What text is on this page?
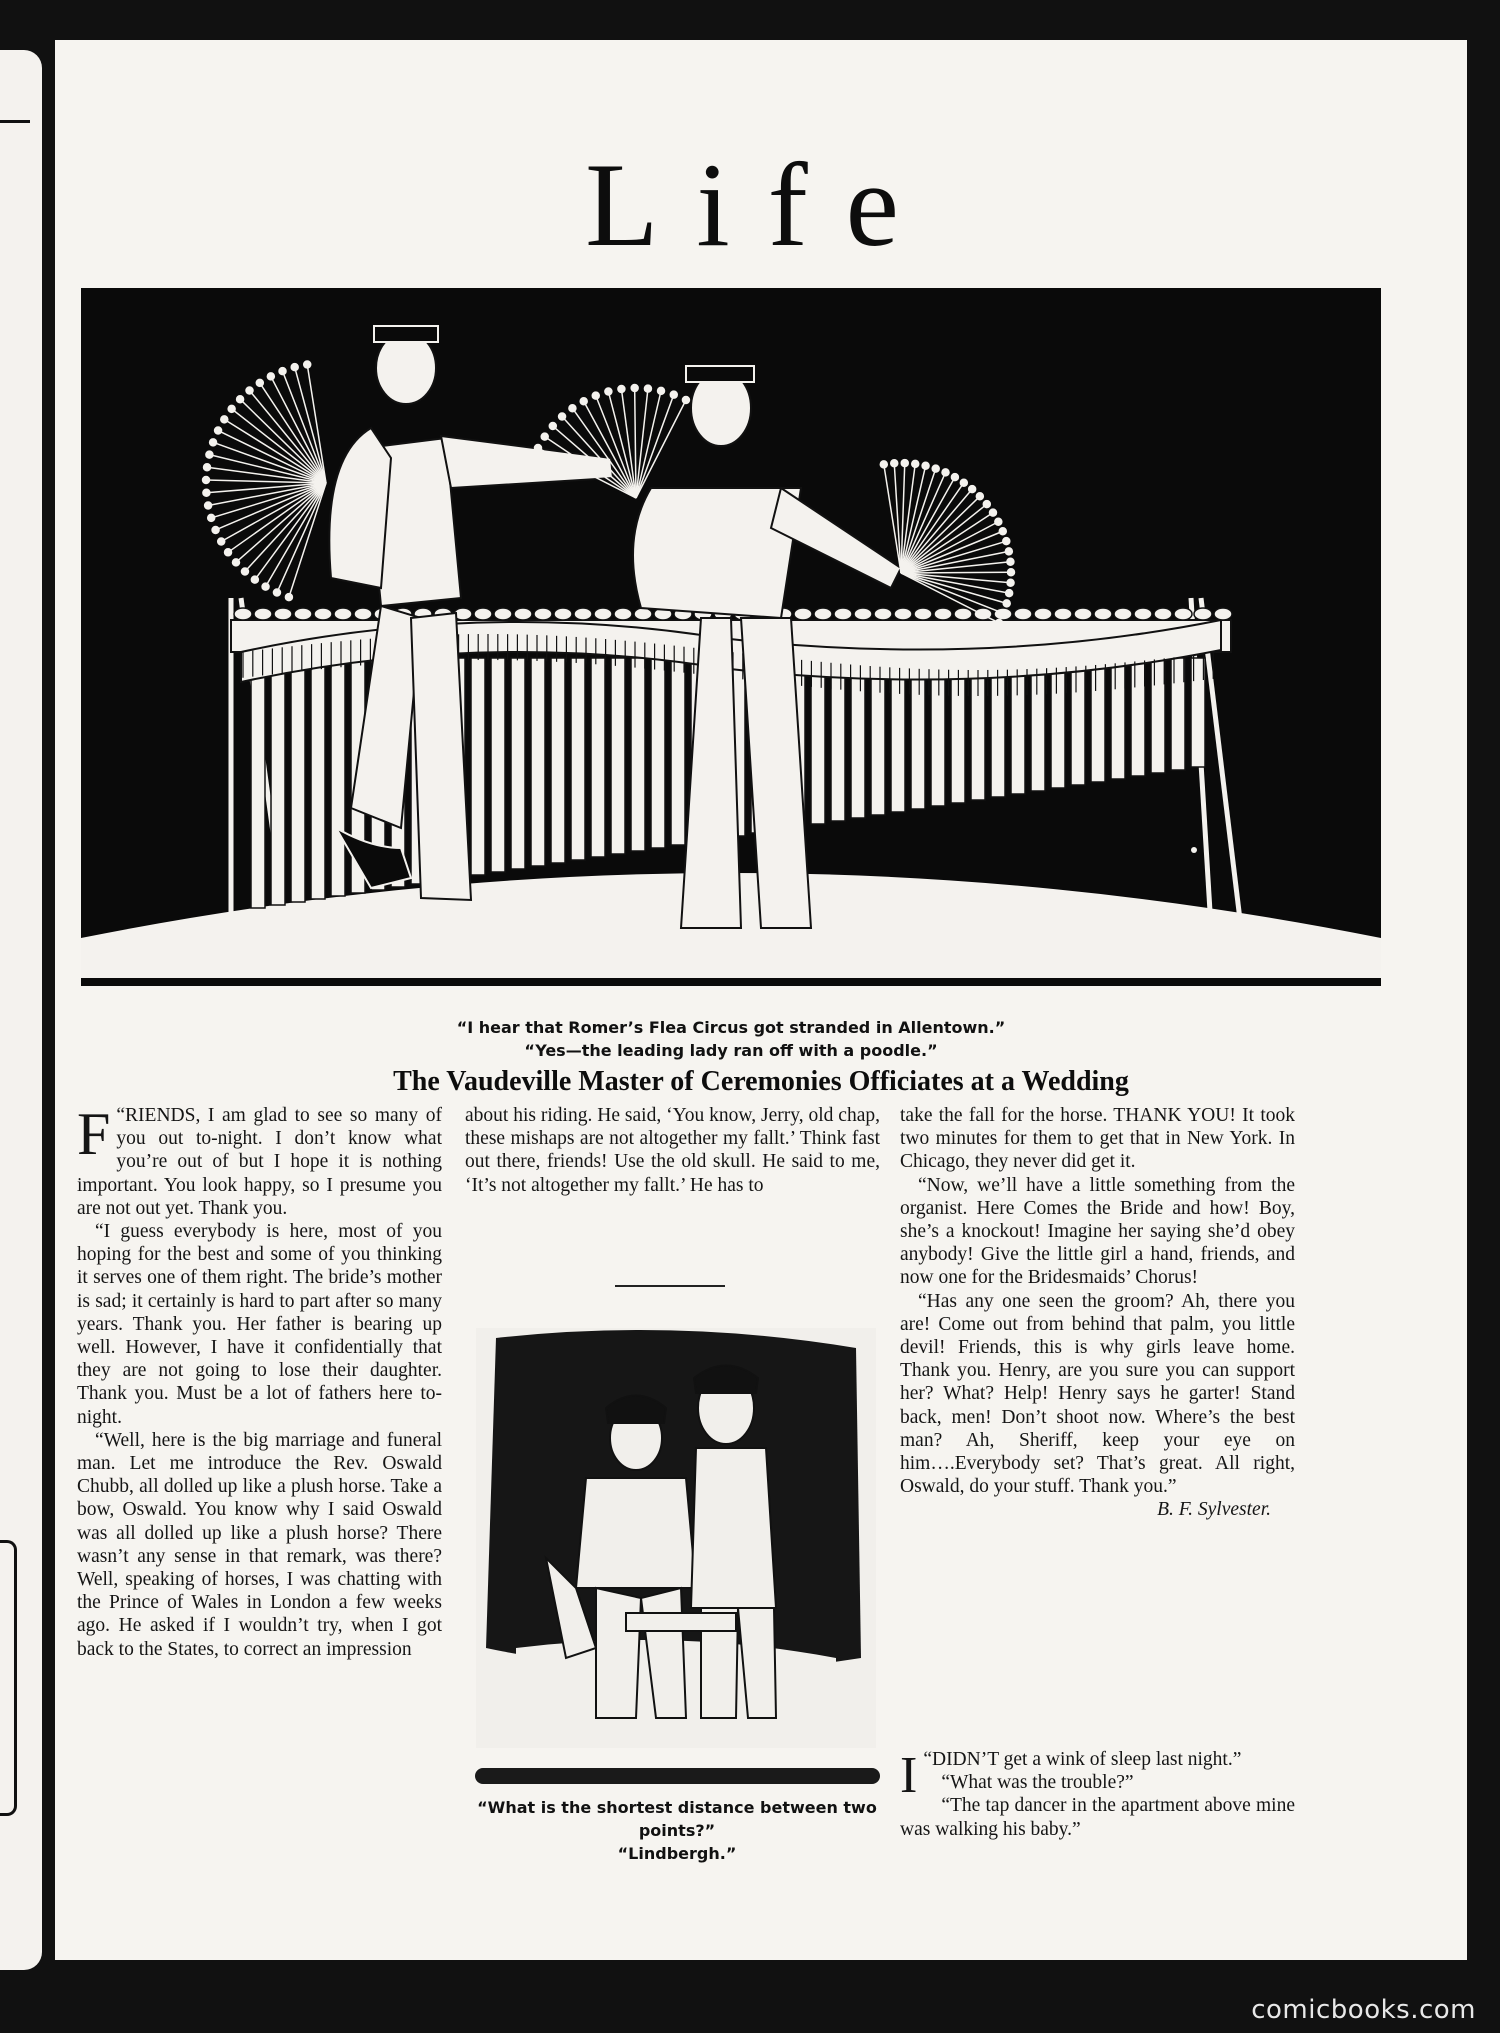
Life
“I hear that Romer’s Flea Circus got stranded in Allentown.”
“Yes—the leading lady ran off with a poodle.”
The Vaudeville Master of Ceremonies Officiates at a Wedding

“
F RIENDS, I am glad to see so many of you out to-night. I don’t know what you’re out of but I hope it is nothing important. You look happy, so I presume you are not out yet. Thank you.

“I guess everybody is here, most of you hoping for the best and some of you thinking it serves one of them right. The bride’s mother is sad; it certainly is hard to part after so many years. Thank you. Her father is bearing up well. However, I have it confidentially that they are not going to lose their daughter. Thank you. Must be a lot of fathers here to-night.

“Well, here is the big marriage and funeral man. Let me introduce the Rev. Oswald Chubb, all dolled up like a plush horse. Take a bow, Oswald. You know why I said Oswald was all dolled up like a plush horse? There wasn’t any sense in that remark, was there? Well, speaking of horses, I was chatting with the Prince of Wales in London a few weeks ago. He asked if I wouldn’t try, when I got back to the States, to correct an impression

about his riding. He said, ‘You know, Jerry, old chap, these mishaps are not altogether my fallt.’ Think fast out there, friends! Use the old skull. He said to me, ‘It’s not altogether my fallt.’ He has to

“What is the shortest distance between two points?”
“Lindbergh.”

take the fall for the horse. THANK YOU! It took two minutes for them to get that in New York. In Chicago, they never did get it.

“Now, we’ll have a little something from the organist. Here Comes the Bride and how! Boy, she’s a knockout! Imagine her saying she’d obey anybody! Give the little girl a hand, friends, and now one for the Bridesmaids’ Chorus!

“Has any one seen the groom? Ah, there you are! Come out from behind that palm, you little devil! Friends, this is why girls leave home. Thank you. Henry, are you sure you can support her? What? Help! Henry says he garter! Stand back, men! Don’t shoot now. Where’s the best man? Ah, Sheriff, keep your eye on him….Everybody set? That’s great. All right, Oswald, do your stuff. Thank you.”

B. F. Sylvester.

“
I DIDN’T get a wink of sleep last night.”

“What was the trouble?”

“The tap dancer in the apartment above mine was walking his baby.”

comicbooks.com
